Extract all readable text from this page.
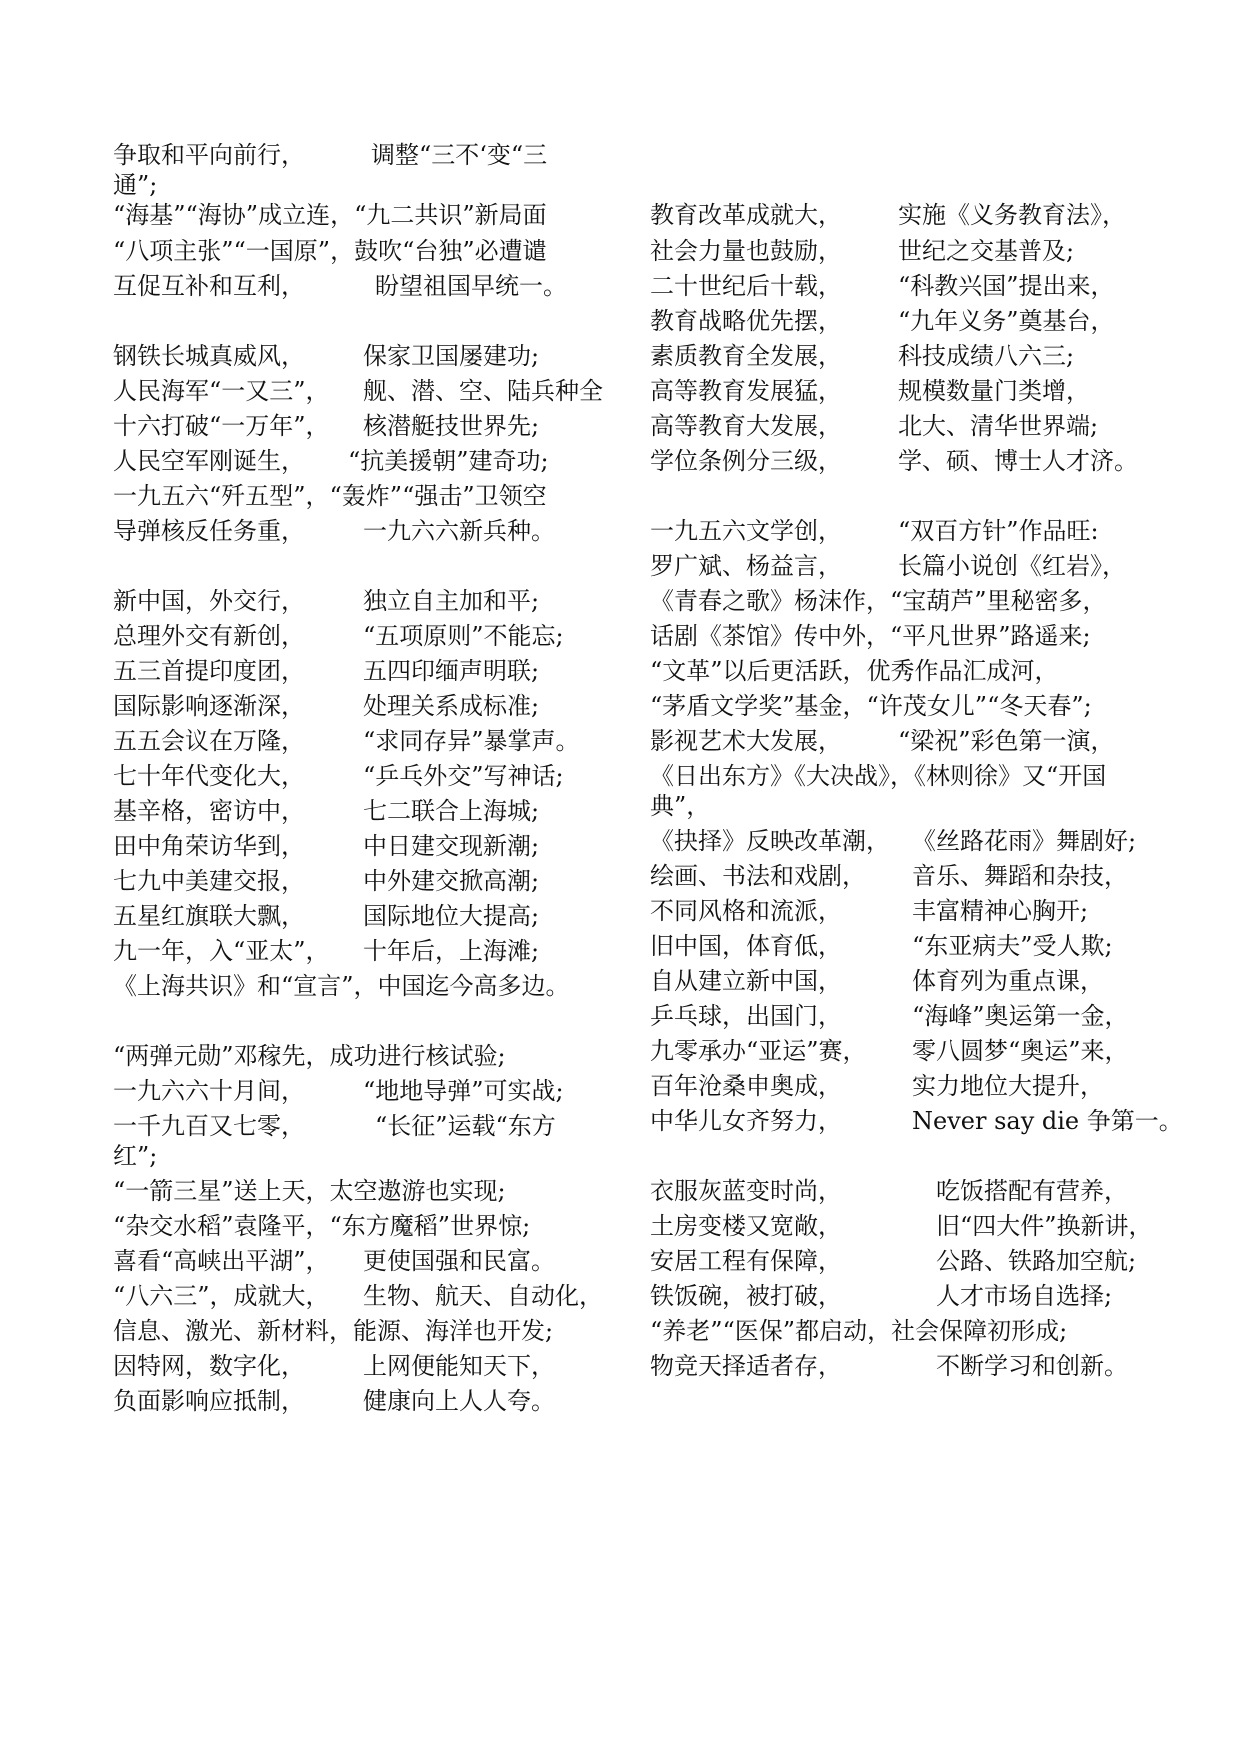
争取和平向前行，	调整“三不‘变“三
通”;
“海基”“海协”成立连，“九二共识”新局面
“八项主张”“一国原”，鼓吹“台独”必遭谴
互促互补和互利，	盼望祖国早统一。
钢铁长城真威风， 保家卫国屡建功;
人民海军“一又三”， 舰、潜、空、陆兵种全
十六打破“一万年”， 核潜艇技世界先;
人民空军刚诞生， “抗美援朝”建奇功;
一九五六“歼五型”，“轰炸”“强击”卫领空
导弹核反任务重， 一九六六新兵种。
新中国，外交行， 独立自主加和平;
总理外交有新创， “五项原则”不能忘;
五三首提印度团， 五四印缅声明联;
国际影响逐渐深， 处理关系成标准;
五五会议在万隆， “求同存异”暴掌声。
七十年代变化大， “乒乓外交”写神话;
基辛格，密访中， 七二联合上海城;
田中角荣访华到， 中日建交现新潮;
七九中美建交报， 中外建交掀高潮;
五星红旗联大飘， 国际地位大提高;
九一年，入“亚太”， 十年后，上海滩;
《上海共识》和“宣言”，中国迄今高多边。
“两弹元勋”邓稼先，成功进行核试验;
一九六六十月间， “地地导弹”可实战;
一千九百又七零，	“长征”运载“东方
红”;
“一箭三星”送上天，太空遨游也实现;
“杂交水稻”袁隆平，“东方魔稻”世界惊;
喜看“高峡出平湖”， 更使国强和民富。
“八六三”，成就大， 生物、航天、自动化，
信息、激光、新材料，能源、海洋也开发;
因特网，数字化， 上网便能知天下，
负面影响应抵制， 健康向上人人夸。
教育改革成就大， 实施《义务教育法》，
社会力量也鼓励， 世纪之交基普及;
二十世纪后十载， “科教兴国”提出来，
教育战略优先摆， “九年义务”奠基台，
素质教育全发展， 科技成绩八六三;
高等教育发展猛， 规模数量门类增，
高等教育大发展， 北大、清华世界端;
学位条例分三级， 学、硕、博士人才济。
一九五六文学创， “双百方针”作品旺:
罗广斌、杨益言， 长篇小说创《红岩》，
《青春之歌》杨沫作，“宝葫芦”里秘密多，
话剧《茶馆》传中外，“平凡世界”路遥来;
“文革”以后更活跃，优秀作品汇成河，
“茅盾文学奖”基金，“许茂女儿”“冬天春”;
影视艺术大发展， “梁祝”彩色第一演，
《日出东方》《大决战》，《林则徐》又“开国
典”，
《抉择》反映改革潮， 《丝路花雨》舞剧好;
绘画、书法和戏剧， 音乐、舞蹈和杂技，
不同风格和流派，	丰富精神心胸开;
旧中国，体育低，	“东亚病夫”受人欺;
自从建立新中国，	体育列为重点课，
乒乓球，出国门，	“海峰”奥运第一金，
九零承办“亚运”赛， 零八圆梦“奥运”来，
百年沧桑申奥成，	实力地位大提升，
中华儿女齐努力，	Never say die 争第一。
衣服灰蓝变时尚，	吃饭搭配有营养，
土房变楼又宽敞，	旧“四大件”换新讲，
安居工程有保障，	公路、铁路加空航;
铁饭碗，被打破，	人才市场自选择;
“养老”“医保”都启动，社会保障初形成;
物竞天择适者存，	不断学习和创新。
